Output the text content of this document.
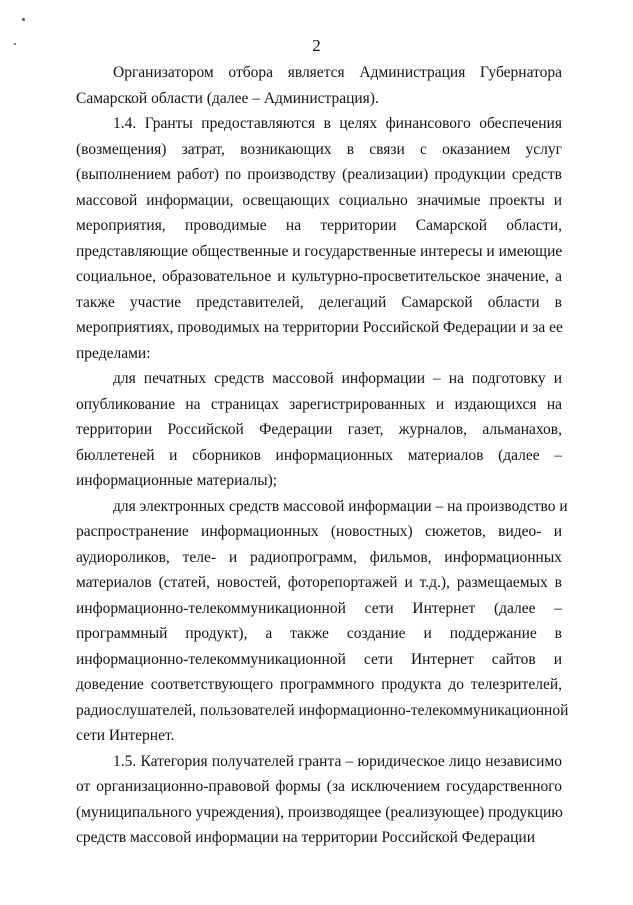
2

Организатором отбора является Администрация Губернатора
Самарской области (далее – Администрация).

1.4. Гранты предоставляются в целях финансового обеспечения
(возмещения) затрат, возникающих в связи с оказанием услуг
(выполнением работ) по производству (реализации) продукции средств
массовой информации, освещающих социально значимые проекты и
мероприятия, проводимые на территории Самарской области,
представляющие общественные и государственные интересы и имеющие
социальное, образовательное и культурно-просветительское значение, а
также участие представителей, делегаций Самарской области в
мероприятиях, проводимых на территории Российской Федерации и за ее
пределами:

для печатных средств массовой информации – на подготовку и
опубликование на страницах зарегистрированных и издающихся на
территории Российской Федерации газет, журналов, альманахов,
бюллетеней и сборников информационных материалов (далее –
информационные материалы);

для электронных средств массовой информации – на производство и
распространение информационных (новостных) сюжетов, видео- и
аудиороликов, теле- и радиопрограмм, фильмов, информационных
материалов (статей, новостей, фоторепортажей и т.д.), размещаемых в
информационно-телекоммуникационной сети Интернет (далее –
программный продукт), а также создание и поддержание в
информационно-телекоммуникационной сети Интернет сайтов и
доведение соответствующего программного продукта до телезрителей,
радиослушателей, пользователей информационно-телекоммуникационной
сети Интернет.

1.5. Категория получателей гранта – юридическое лицо независимо
от организационно-правовой формы (за исключением государственного
(муниципального учреждения), производящее (реализующее) продукцию
средств массовой информации на территории Российской Федерации
